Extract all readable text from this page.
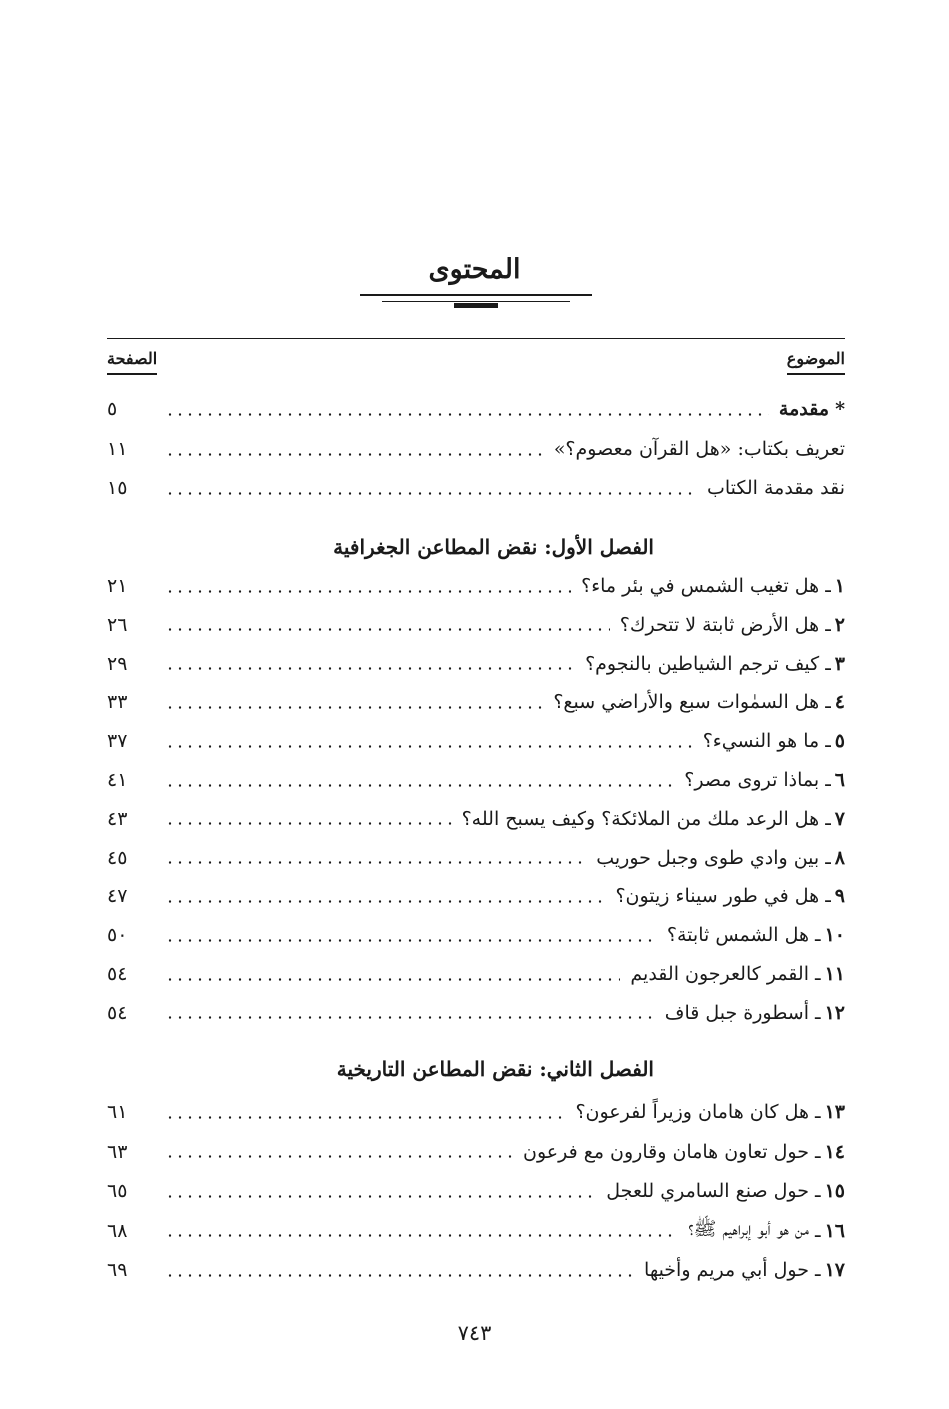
المحتوى
الموضوع
الصفحة
*
مقدمة
٥
تعريف بكتاب: «هل القرآن معصوم؟»
١١
نقد مقدمة الكتاب
١٥
الفصل الأول: نقض المطاعن الجغرافية
١
ـ
هل تغيب الشمس في بئر ماء؟
٢١
٢
ـ
هل الأرض ثابتة لا تتحرك؟
٢٦
٣
ـ
كيف ترجم الشياطين بالنجوم؟
٢٩
٤
ـ
هل السمٰوات سبع والأراضي سبع؟
٣٣
٥
ـ
ما هو النسيء؟
٣٧
٦
ـ
بماذا تروى مصر؟
٤١
٧
ـ
هل الرعد ملك من الملائكة؟ وكيف يسبح الله؟
٤٣
٨
ـ
بين وادي طوى وجبل حوريب
٤٥
٩
ـ
هل في طور سيناء زيتون؟
٤٧
١٠
ـ
هل الشمس ثابتة؟
٥٠
١١
ـ
القمر كالعرجون القديم
٥٤
١٢
ـ
أسطورة جبل قاف
٥٤
الفصل الثاني: نقض المطاعن التاريخية
١٣
ـ
هل كان هامان وزيراً لفرعون؟
٦١
١٤
ـ
حول تعاون هامان وقارون مع فرعون
٦٣
١٥
ـ
حول صنع السامري للعجل
٦٥
١٦
ـ
من هو أبو إبراهيم ﷺ؟
٦٨
١٧
ـ
حول أبي مريم وأخيها
٦٩
٧٤٣
